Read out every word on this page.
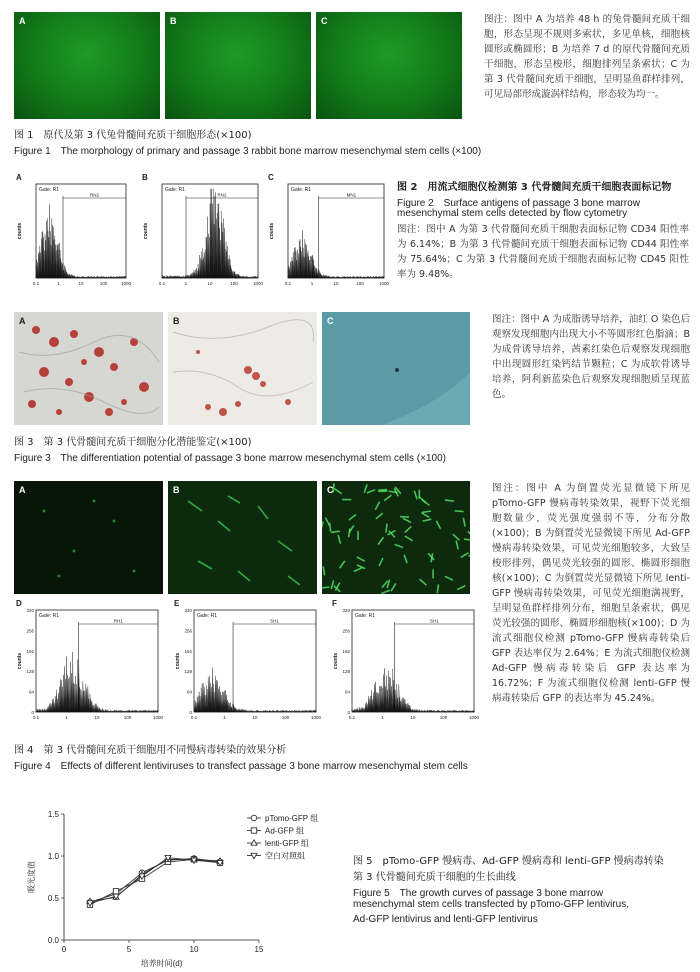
A	B	C	图注：图中 A 为培养 48 h 的兔骨髓间充质干细胞，形态呈现不规则多索状，多见单核，细胞核圆形或椭圆形；B 为培养 7 d 的原代骨髓间充质干细胞，形态呈梭形，细胞排列呈条索状；C 为第 3 代骨髓间充质干细胞，呈明显鱼群样排列，可见局部形成漩涡样结构，形态较为均一。
图 1　原代及第 3 代兔骨髓间充质干细胞形态(×100)
Figure 1　The morphology of primary and passage 3 rabbit bone marrow mesenchymal stem cells (×100)
A
Gate: R1
counts
0.1	1	10	100	1000
RN2
B
Gate: R1
counts
0.1	1	10	100	1000
RN2
C
Gate: R1
counts
0.1	1	10	100	1000
MN1
图 2　用流式细胞仪检测第 3 代骨髓间充质干细胞表面标记物
Figure 2　Surface antigens of passage 3 bone marrow
mesenchymal stem cells detected by flow cytometry
图注：图中 A 为第 3 代骨髓间充质干细胞表面标记物 CD34 阳性率为 6.14%；B 为第 3 代骨髓间充质干细胞表面标记物 CD44 阳性率为 75.64%；C 为第 3 代骨髓间充质干细胞表面标记物 CD45 阳性率为 9.48%。
A	B	C	图注：图中 A 为成脂诱导培养，油红 O 染色后观察发现细胞内出现大小不等圆形红色脂滴；B 为成骨诱导培养，茜素红染色后观察发现细胞中出现圆形红染钙结节颗粒；C 为成软骨诱导培养，阿利新蓝染色后观察发现细胞质呈现蓝色。
图 3　第 3 代骨髓间充质干细胞分化潜能鉴定(×100)
Figure 3　The differentiation potential of passage 3 bone marrow mesenchymal stem cells (×100)
A	B	C	图注：图中 A 为倒置荧光显微镜下所见 pTomo-GFP 慢病毒转染效果，视野下荧光细胞数量少，荧光强度强弱不等，分布分散(×100)；B 为倒置荧光显微镜下所见 Ad-GFP 慢病毒转染效果，可见荧光细胞较多，大致呈梭形排列，偶见荧光较强的圆形、椭圆形细胞核(×100)；C 为倒置荧光显微镜下所见 lenti-GFP 慢病毒转染效果，可见荧光细胞满视野，呈明显鱼群样排列分布，细胞呈条索状，偶见荧光较强的圆形、椭圆形细胞核(×100)；D 为流式细胞仪检测 pTomo-GFP 慢病毒转染后 GFP 表达率仅为 2.64%；E 为流式细胞仪检测 Ad-GFP 慢病毒转染后 GFP 表达率为 16.72%；F 为流式细胞仪检测 lenti-GFP 慢病毒转染后 GFP 的表达率为 45.24%。
D
Gate: R1
counts
320
256
192
128
64
0
0.1	1	10	100	1000
RH1
E
Gate: R1
counts
320
256
192
128
64
0
0.1	1	10	100	1000
SH1
F
Gate: R1
counts
320
256
192
128
64
0
0.1	1	10	100	1000
SH1
图 4　第 3 代骨髓间充质干细胞用不同慢病毒转染的效果分析
Figure 4　Effects of different lentiviruses to transfect passage 3 bone marrow mesenchymal stem cells
0.0
0.5
1.0
1.5
0	5	10	15
培养时间(d)
吸光度值
pTomo-GFP 组
Ad-GFP 组
lenti-GFP 组
空白对照组	图 5　pTomo-GFP 慢病毒、Ad-GFP 慢病毒和 lenti-GFP 慢病毒转染
第 3 代骨髓间充质干细胞的生长曲线
Figure 5　The growth curves of passage 3 bone marrow
mesenchymal stem cells transfected by pTomo-GFP lentivirus,
Ad-GFP lentivirus and lenti-GFP lentivirus
